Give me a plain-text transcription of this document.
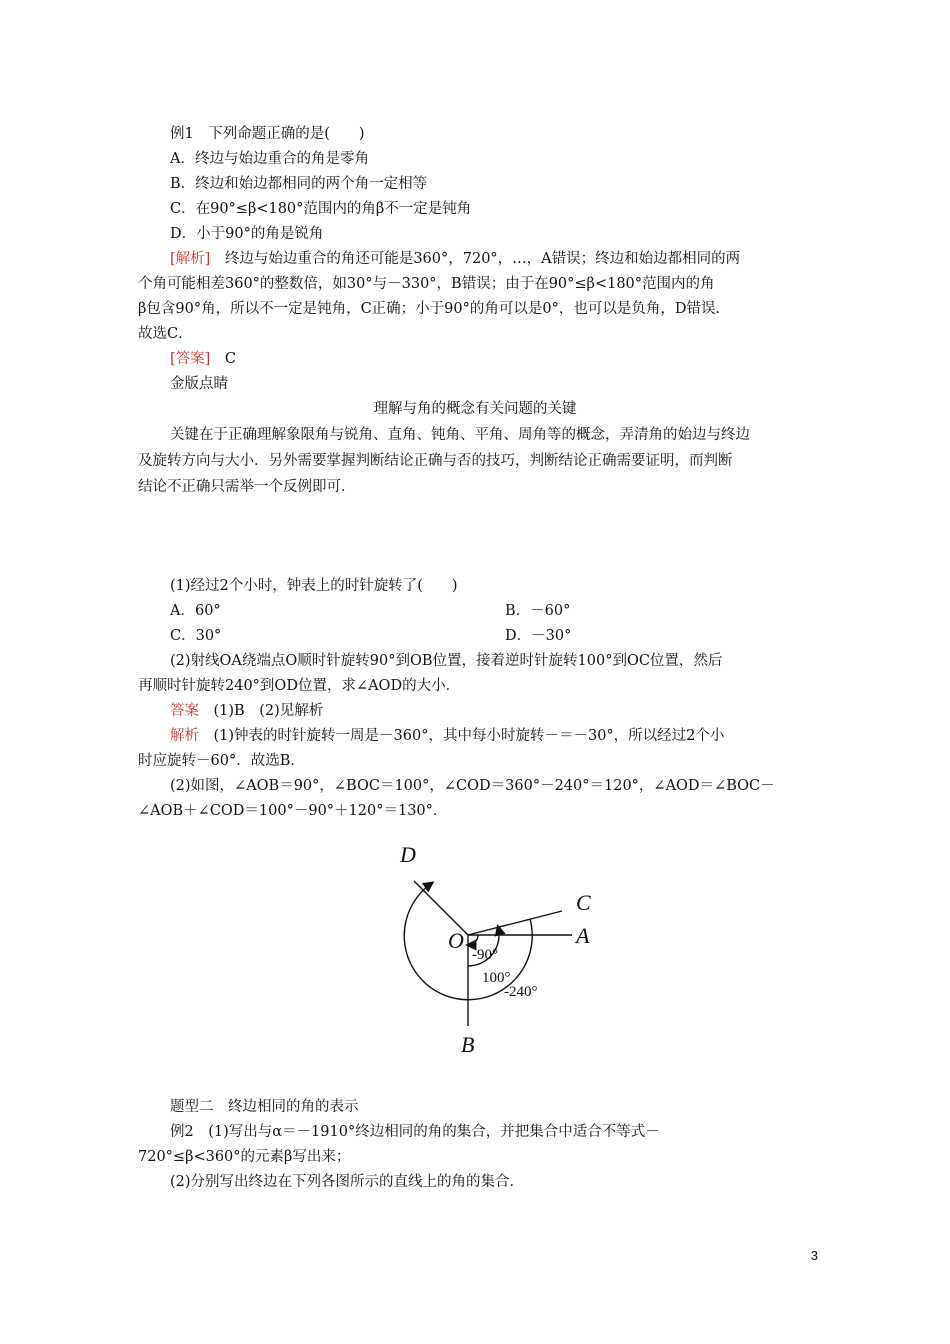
例1　下列命题正确的是(　　)
A．终边与始边重合的角是零角
B．终边和始边都相同的两个角一定相等
C．在90°≤β<180°范围内的角β不一定是钝角
D．小于90°的角是锐角
[解析]　终边与始边重合的角还可能是360°，720°，…，A错误；终边和始边都相同的两
个角可能相差360°的整数倍，如30°与－330°，B错误；由于在90°≤β<180°范围内的角
β包含90°角，所以不一定是钝角，C正确；小于90°的角可以是0°，也可以是负角，D错误．
故选C．
[答案]　C
金版点睛
理解与角的概念有关问题的关键
关键在于正确理解象限角与锐角、直角、钝角、平角、周角等的概念，弄清角的始边与终边
及旋转方向与大小．另外需要掌握判断结论正确与否的技巧，判断结论正确需要证明，而判断
结论不正确只需举一个反例即可．
(1)经过2个小时，钟表上的时针旋转了(　　)
A．60°	B．－60°
C．30°	D．－30°
(2)射线OA绕端点O顺时针旋转90°到OB位置，接着逆时针旋转100°到OC位置，然后
再顺时针旋转240°到OD位置，求∠AOD的大小．
答案　(1)B　(2)见解析
解析　(1)钟表的时针旋转一周是－360°，其中每小时旋转－＝－30°，所以经过2个小
时应旋转－60°．故选B．
(2)如图，∠AOB＝90°，∠BOC＝100°，∠COD＝360°－240°＝120°，∠AOD＝∠BOC－
∠AOB＋∠COD＝100°－90°＋120°＝130°．
D
C
O	A
B
-90°
100°
-240°
题型二　终边相同的角的表示
例2　(1)写出与α＝－1910°终边相同的角的集合，并把集合中适合不等式－
720°≤β<360°的元素β写出来；
(2)分别写出终边在下列各图所示的直线上的角的集合．
3
